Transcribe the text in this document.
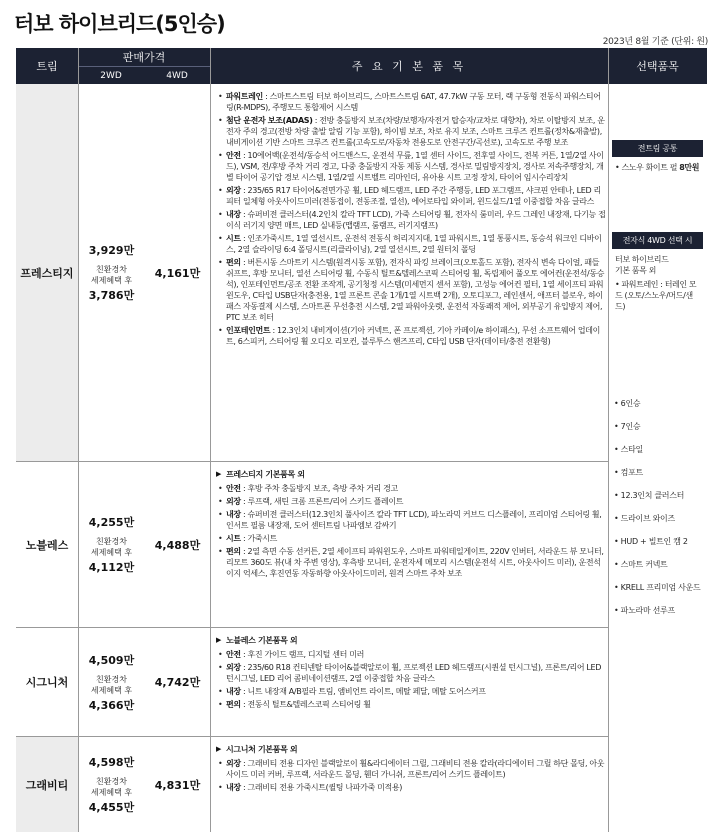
터보 하이브리드(5인승)
2023년 8월 기준 (단위: 원)
트림
판매가격
2WD	4WD
주 요 기 본 품 목	선택품목
프레스티지
3,929만
친환경차
세제혜택 후
3,786만
4,161만
• 파워트레인 : 스마트스트림 터보 하이브리드, 스마트스트림 6AT, 47.7kW 구동 모터, 랙 구동형 전동식 파워스티어링(R-MDPS), 주행모드 통합제어 시스템
• 첨단 운전자 보조(ADAS) : 전방 충돌방지 보조(차량/보행자/자전거 탑승자/교차로 대향차), 차로 이탈방지 보조, 운전자 주의 경고(전방 차량 출발 알림 기능 포함), 하이빔 보조, 차로 유지 보조, 스마트 크루즈 컨트롤(정차&재출발), 내비게이션 기반 스마트 크루즈 컨트롤(고속도로/자동차 전용도로 안전구간/곡선로), 고속도로 주행 보조
• 안전 : 10에어백(운전석/동승석 어드밴스드, 운전석 무릎, 1열 센터 사이드, 전후열 사이드, 전복 커튼, 1열/2열 사이드), VSM, 전/후방 주차 거리 경고, 다중 충돌방지 자동 제동 시스템, 경사로 밀림방지장치, 경사로 저속주행장치, 개별 타이어 공기압 경보 시스템, 1열/2열 시트벨트 리마인더, 유아용 시트 고정 장치, 타이어 임시수리장치
• 외장 : 235/65 R17 타이어&전면가공 휠, LED 헤드램프, LED 주간 주행등, LED 포그램프, 샤크핀 안테나, LED 리피터 일체형 아웃사이드미러(전동접이, 전동조절, 열선), 에어로타입 와이퍼, 윈드실드/1열 이중접합 차음 글라스
• 내장 : 슈퍼비전 클러스터(4.2인치 칼라 TFT LCD), 가죽 스티어링 휠, 전자식 룸미러, 우드 그레인 내장재, 다기능 접이식 러기지 양면 매트, LED 실내등(맵램프, 룸램프, 러기지램프)
• 시트 : 인조가죽시트, 1열 열선시트, 운전석 전동식 허리지지대, 1열 파워시트, 1열 통풍시트, 동승석 워크인 디바이스, 2열 슬라이딩 6:4 폴딩시트(리클라이닝), 2열 열선시트, 2열 원터치 폴딩
• 편의 : 버튼시동 스마트키 시스템(원격시동 포함), 전자식 파킹 브레이크(오토홀드 포함), 전자식 변속 다이얼, 패들 쉬프트, 후방 모니터, 열선 스티어링 휠, 수동식 틸트&텔레스코픽 스티어링 휠, 독립제어 풀오토 에어컨(운전석/동승석), 인포테인먼트/공조 전환 조작계, 공기청정 시스템(미세먼지 센서 포함), 고성능 에어컨 필터, 1열 세이프티 파워윈도우, C타입 USB단자(충전용, 1열 프론트 콘솔 1개/1열 시트백 2개), 오토디포그, 레인센서, 애프터 블로우, 하이패스 자동결제 시스템, 스마트폰 무선충전 시스템, 2열 파워아웃렛, 운전석 자동쾌적 제어, 외부공기 유입방지 제어, PTC 보조 히터
• 인포테인먼트 : 12.3인치 내비게이션(기아 커넥트, 폰 프로젝션, 기아 카페이/e 하이패스), 무선 소프트웨어 업데이트, 6스피커, 스티어링 휠 오디오 리모컨, 블루투스 핸즈프리, C타입 USB 단자(데이터/충전 전환형)
노블레스
4,255만
친환경차
세제혜택 후
4,112만
4,488만
▶ 프레스티지 기본품목 외
• 안전 : 후방 주차 충돌방지 보조, 측방 주차 거리 경고
• 외장 : 루프랙, 새틴 크롬 프론트/리어 스키드 플레이트
• 내장 : 슈퍼비전 클러스터(12.3인치 풀사이즈 칼라 TFT LCD), 파노라믹 커브드 디스플레이, 프리미엄 스티어링 휠, 인서트 필름 내장재, 도어 센터트림 나파엠보 감싸기
• 시트 : 가죽시트
• 편의 : 2열 측면 수동 선커튼, 2열 세이프티 파워윈도우, 스마트 파워테일게이트, 220V 인버터, 서라운드 뷰 모니터, 리모트 360도 뷰(내 차 주변 영상), 후측방 모니터, 운전자세 메모리 시스템(운전석 시트, 아웃사이드 미러), 운전석 이지 억세스, 후진연동 자동하향 아웃사이드미러, 원격 스마트 주차 보조
시그니처
4,509만
친환경차
세제혜택 후
4,366만
4,742만
▶ 노블레스 기본품목 외
• 안전 : 후진 가이드 램프, 디지털 센터 미러
• 외장 : 235/60 R18 컨티넨탈 타이어&블랙알로이 휠, 프로젝션 LED 헤드램프(시퀀셜 턴시그널), 프론트/리어 LED 턴시그널, LED 리어 콤비네이션램프, 2열 이중접합 차음 글라스
• 내장 : 니트 내장재 A/B필라 트림, 앰비언트 라이트, 메탈 페달, 메탈 도어스커프
• 편의 : 전동식 틸트&텔레스코픽 스티어링 휠
그래비티
4,598만
친환경차
세제혜택 후
4,455만
4,831만
▶ 시그니처 기본품목 외
• 외장 : 그래비티 전용 디자인 블랙알로이 휠&라디에이터 그릴, 그래비티 전용 칼라(라디에이터 그릴 하단 몰딩, 아웃사이드 미러 커버, 루프랙, 서라운드 몰딩, 휀더 가니쉬, 프론트/리어 스키드 플레이트)
• 내장 : 그래비티 전용 가죽시트(퀼팅 나파가죽 미적용)
전트림 공통
• 스노우 화이트 펄 8만원
전자식 4WD 선택 시
터보 하이브리드
기본 품목 외
• 파워트레인 : 터레인 모드 (오토/스노우/머드/샌드)
• 6인승
• 7인승
• 스타일
• 컴포트
• 12.3인치 클러스터
• 드라이브 와이즈
• HUD + 빌트인 캠 2
• 스마트 커넥트
• KRELL 프리미엄 사운드
• 파노라마 선루프
